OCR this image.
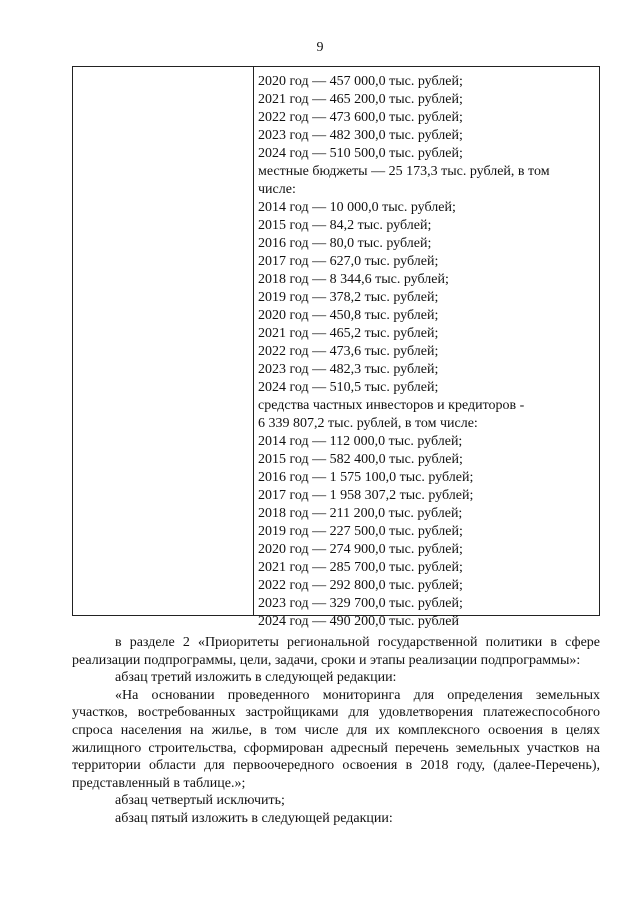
9
2020 год — 457 000,0 тыс. рублей;
2021 год — 465 200,0 тыс. рублей;
2022 год — 473 600,0 тыс. рублей;
2023 год — 482 300,0 тыс. рублей;
2024 год — 510 500,0 тыс. рублей;
местные бюджеты — 25 173,3 тыс. рублей, в том
числе:
2014 год — 10 000,0 тыс. рублей;
2015 год — 84,2 тыс. рублей;
2016 год — 80,0 тыс. рублей;
2017 год — 627,0 тыс. рублей;
2018 год — 8 344,6 тыс. рублей;
2019 год — 378,2 тыс. рублей;
2020 год — 450,8 тыс. рублей;
2021 год — 465,2 тыс. рублей;
2022 год — 473,6 тыс. рублей;
2023 год — 482,3 тыс. рублей;
2024 год — 510,5 тыс. рублей;
средства частных инвесторов и кредиторов -
6 339 807,2 тыс. рублей, в том числе:
2014 год — 112 000,0 тыс. рублей;
2015 год — 582 400,0 тыс. рублей;
2016 год — 1 575 100,0 тыс. рублей;
2017 год — 1 958 307,2 тыс. рублей;
2018 год — 211 200,0 тыс. рублей;
2019 год — 227 500,0 тыс. рублей;
2020 год — 274 900,0 тыс. рублей;
2021 год — 285 700,0 тыс. рублей;
2022 год — 292 800,0 тыс. рублей;
2023 год — 329 700,0 тыс. рублей;
2024 год — 490 200,0 тыс. рублей

в разделе 2 «Приоритеты региональной государственной политики в сфере реализации подпрограммы, цели, задачи, сроки и этапы реализации подпрограммы»:

абзац третий изложить в следующей редакции:

«На основании проведенного мониторинга для определения земельных участков, востребованных застройщиками для удовлетворения платежеспособного спроса населения на жилье, в том числе для их комплексного освоения в целях жилищного строительства, сформирован адресный перечень земельных участков на территории области для первоочередного освоения в 2018 году, (далее-Перечень), представленный в таблице.»;

абзац четвертый исключить;

абзац пятый изложить в следующей редакции:
